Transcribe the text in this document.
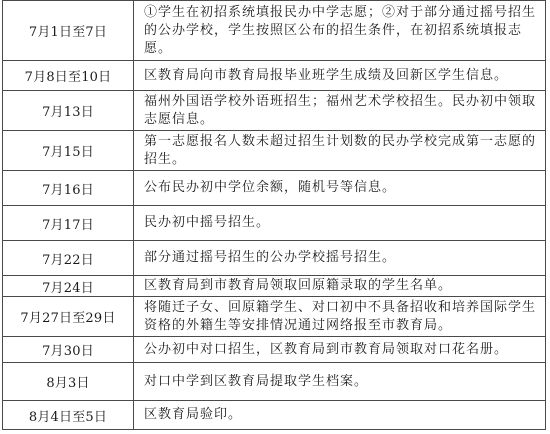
7月1日至7日	①学生在初招系统填报民办中学志愿；②对于部分通过摇号招生的公办学校，学生按照区公布的招生条件，在初招系统填报志愿。
7月8日至10日	区教育局向市教育局报毕业班学生成绩及回新区学生信息。
7月13日	福州外国语学校外语班招生；福州艺术学校招生。民办初中领取志愿信息。
7月15日	第一志愿报名人数未超过招生计划数的民办学校完成第一志愿的招生。
7月16日	公布民办初中学位余额，随机号等信息。
7月17日	民办初中摇号招生。
7月22日	部分通过摇号招生的公办学校摇号招生。
7月24日	区教育局到市教育局领取回原籍录取的学生名单。
7月27日至29日	将随迁子女、回原籍学生、对口初中不具备招收和培养国际学生资格的外籍生等安排情况通过网络报至市教育局。
7月30日	公办初中对口招生，区教育局到市教育局领取对口花名册。
8月3日	对口中学到区教育局提取学生档案。
8月4日至5日	区教育局验印。
